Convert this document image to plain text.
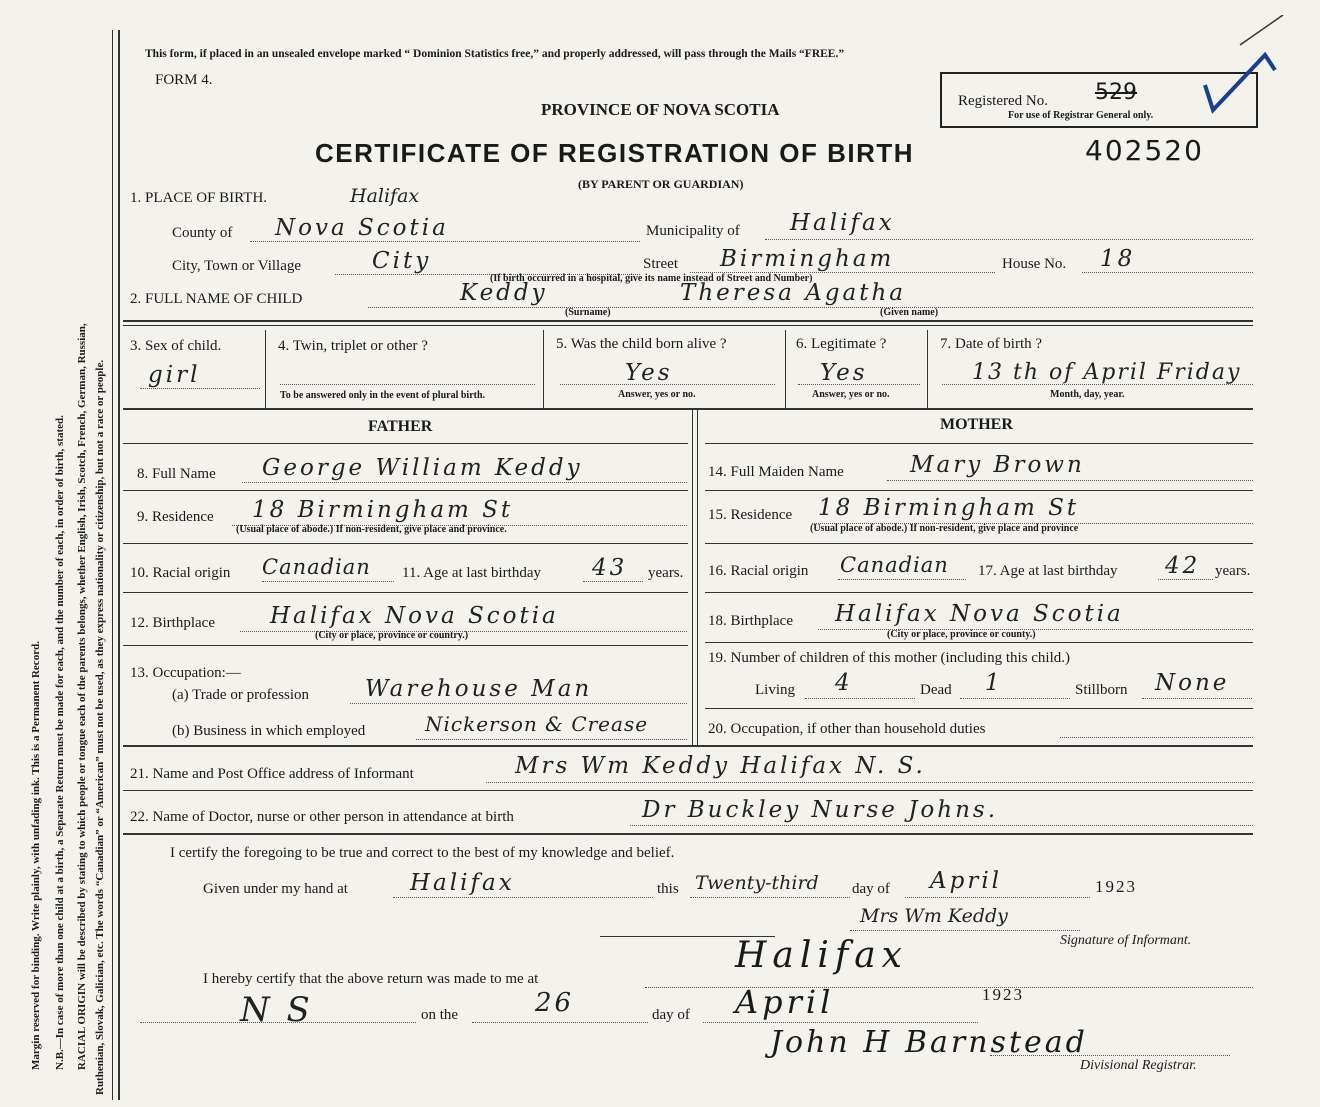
Margin reserved for binding. Write plainly, with unfading ink. This is a Permanent Record. N.B.—In case of more than one child at a birth, a Separate Return must be made for each, and the number of each, in order of birth, stated. RACIAL ORIGIN will be described by stating to which people or tongue each of the parents belongs, whether English, Irish, Scotch, French, German, Russian, Ruthenian, Slovak, Galician, etc. The words “Canadian” or “American” must not be used, as they express nationality or citizenship, but not a race or people.
This form, if placed in an unsealed envelope marked “ Dominion Statistics free,” and properly addressed, will pass through the Mails “FREE.”
FORM 4.
PROVINCE OF NOVA SCOTIA
CERTIFICATE OF REGISTRATION OF BIRTH	402520
(BY PARENT OR GUARDIAN)
Registered No. 529
For use of Registrar General only.
1. PLACE OF BIRTH.	Halifax
County of Nova Scotia	Municipality of Halifax
City, Town or Village	City	Street Birmingham	House No. 18
(If birth occurred in a hospital, give its name instead of Street and Number)
2. FULL NAME OF CHILD	Keddy	Theresa Agatha
(Surname)	(Given name)
3. Sex of child.
girl
4. Twin, triplet or other ?
To be answered only in the event of plural birth.
5. Was the child born alive ?
Yes
Answer, yes or no.
6. Legitimate ?
Yes
Answer, yes or no.
7. Date of birth ?
13 th of April Friday
Month, day, year.
FATHER
8. Full Name George William Keddy
9. Residence 18 Birmingham St
(Usual place of abode.) If non-resident, give place and province.
10. Racial origin Canadian 11. Age at last birthday 43 years.
12. Birthplace Halifax Nova Scotia
(City or place, province or country.)
13. Occupation:—
(a) Trade or profession Warehouse Man
(b) Business in which employed	Nickerson & Crease
MOTHER
14. Full Maiden Name	Mary Brown
15. Residence 18 Birmingham St
(Usual place of abode.) If non-resident, give place and province
16. Racial origin Canadian 17. Age at last birthday 42 years.
18. Birthplace Halifax Nova Scotia
(City or place, province or county.)
19. Number of children of this mother (including this child.)
Living 4	Dead 1	Stillborn None
20. Occupation, if other than household duties
21. Name and Post Office address of Informant	Mrs Wm Keddy Halifax N. S.
22. Name of Doctor, nurse or other person in attendance at birth	Dr Buckley Nurse Johns.
I certify the foregoing to be true and correct to the best of my knowledge and belief.
Given under my hand at	Halifax	this Twenty-third day of April	1923
Mrs Wm Keddy
Signature of Informant.
I hereby certify that the above return was made to me at
Halifax
N S	on the	26	day of April	1923
John H Barnstead
Divisional Registrar.
